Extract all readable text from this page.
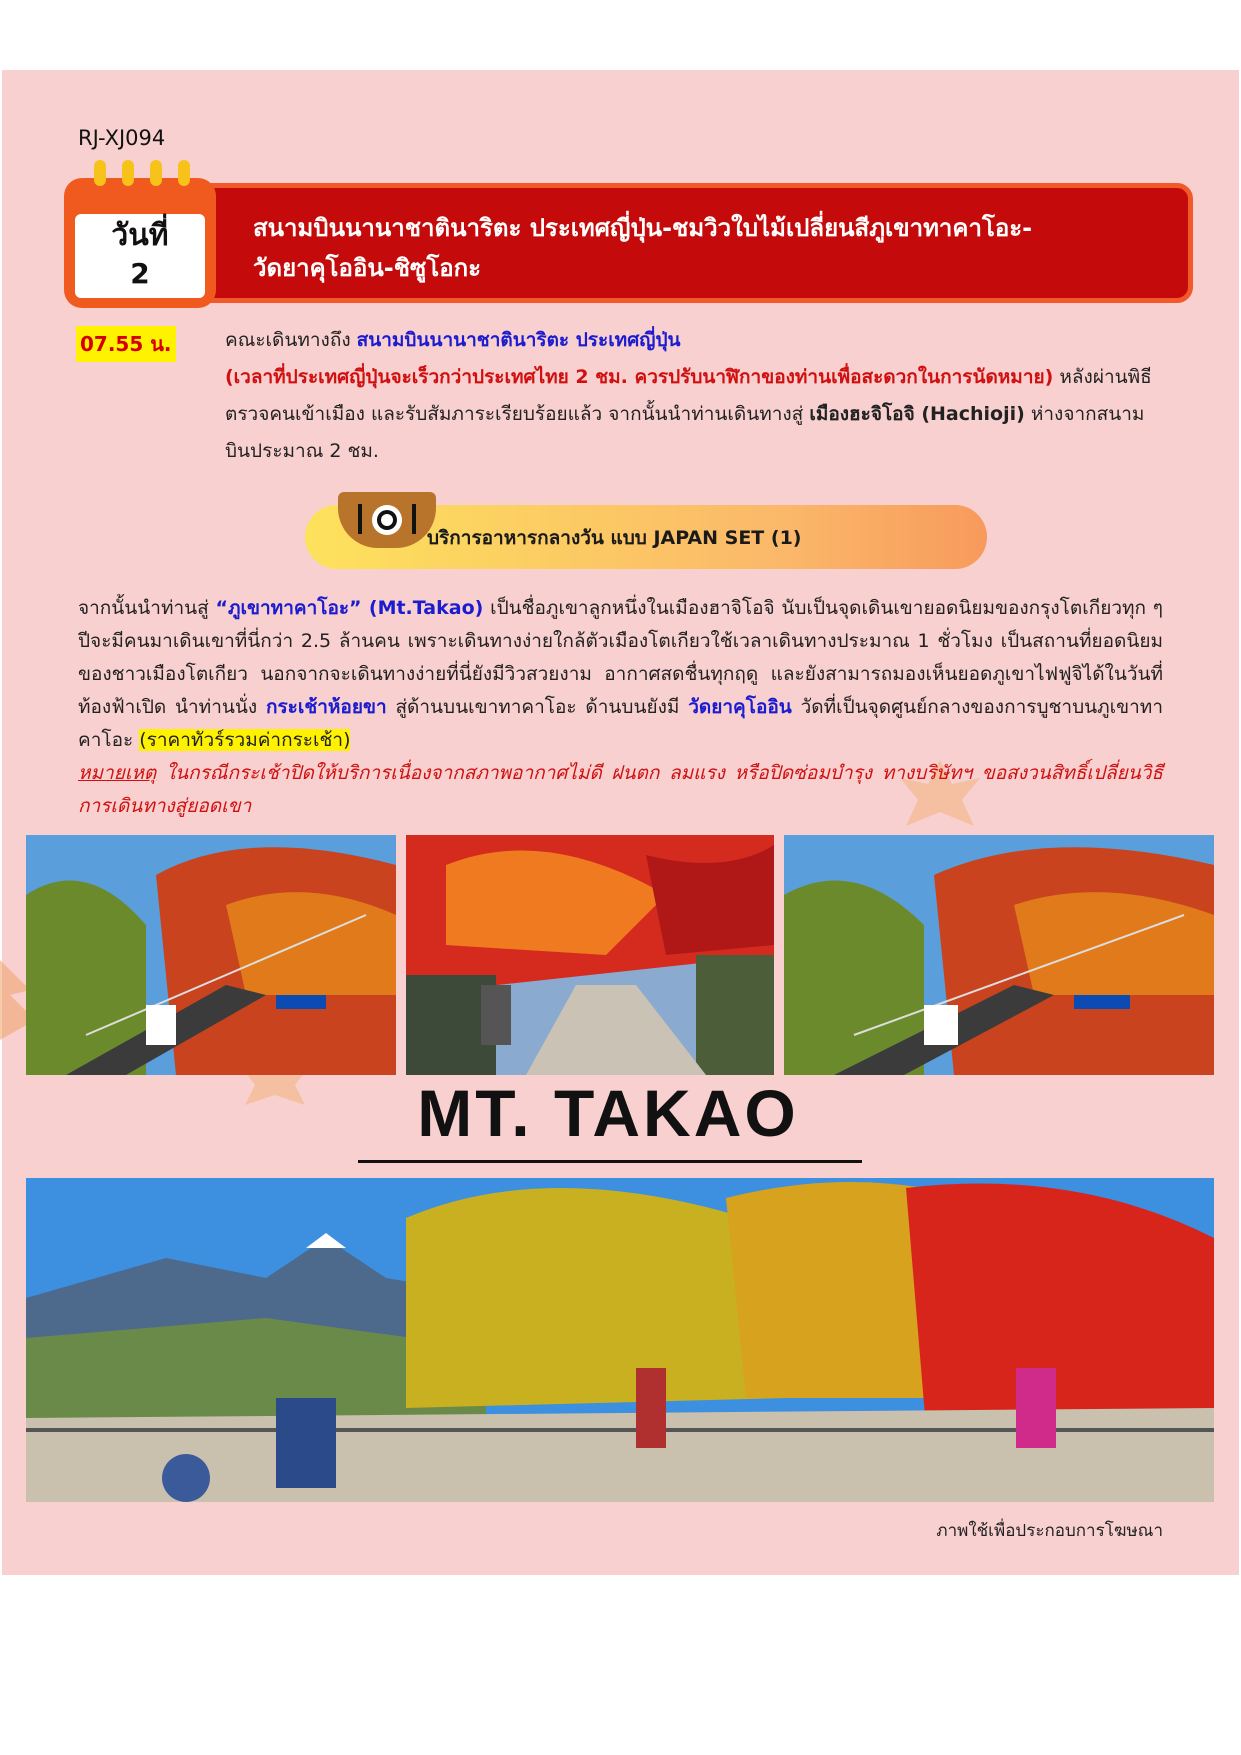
RJ-XJ094
สนามบินนานาชาตินาริตะ ประเทศญี่ปุ่น-ชมวิวใบไม้เปลี่ยนสีภูเขาทาคาโอะ-
วัดยาคุโออิน-ชิซูโอกะ
วันที่
2
07.55 น.	คณะเดินทางถึง สนามบินนานาชาตินาริตะ ประเทศญี่ปุ่น
(เวลาที่ประเทศญี่ปุ่นจะเร็วกว่าประเทศไทย 2 ชม. ควรปรับนาฬิกาของท่านเพื่อสะดวกในการนัดหมาย) หลังผ่านพิธีตรวจคนเข้าเมือง และรับสัมภาระเรียบร้อยแล้ว จากนั้นนำท่านเดินทางสู่ เมืองฮะจิโอจิ (Hachioji) ห่างจากสนามบินประมาณ 2 ชม.
บริการอาหารกลางวัน แบบ JAPAN SET (1)
จากนั้นนำท่านสู่ “ภูเขาทาคาโอะ” (Mt.Takao) เป็นชื่อภูเขาลูกหนึ่งในเมืองฮาจิโอจิ นับเป็นจุดเดินเขายอดนิยมของกรุงโตเกียวทุก ๆ ปีจะมีคนมาเดินเขาที่นี่กว่า 2.5 ล้านคน เพราะเดินทางง่ายใกล้ตัวเมืองโตเกียวใช้เวลาเดินทางประมาณ 1 ชั่วโมง เป็นสถานที่ยอดนิยมของชาวเมืองโตเกียว นอกจากจะเดินทางง่ายที่นี่ยังมีวิวสวยงาม อากาศสดชื่นทุกฤดู และยังสามารถมองเห็นยอดภูเขาไฟฟูจิได้ในวันที่ท้องฟ้าเปิด นำท่านนั่ง กระเช้าห้อยขา สู่ด้านบนเขาทาคาโอะ ด้านบนยังมี วัดยาคุโออิน วัดที่เป็นจุดศูนย์กลางของการบูชาบนภูเขาทาคาโอะ (ราคาทัวร์รวมค่ากระเช้า)
หมายเหตุ ในกรณีกระเช้าปิดให้บริการเนื่องจากสภาพอากาศไม่ดี ฝนตก ลมแรง หรือปิดซ่อมบำรุง ทางบริษัทฯ ขอสงวนสิทธิ์เปลี่ยนวิธีการเดินทางสู่ยอดเขา
MT. TAKAO
ภาพใช้เพื่อประกอบการโฆษณา
